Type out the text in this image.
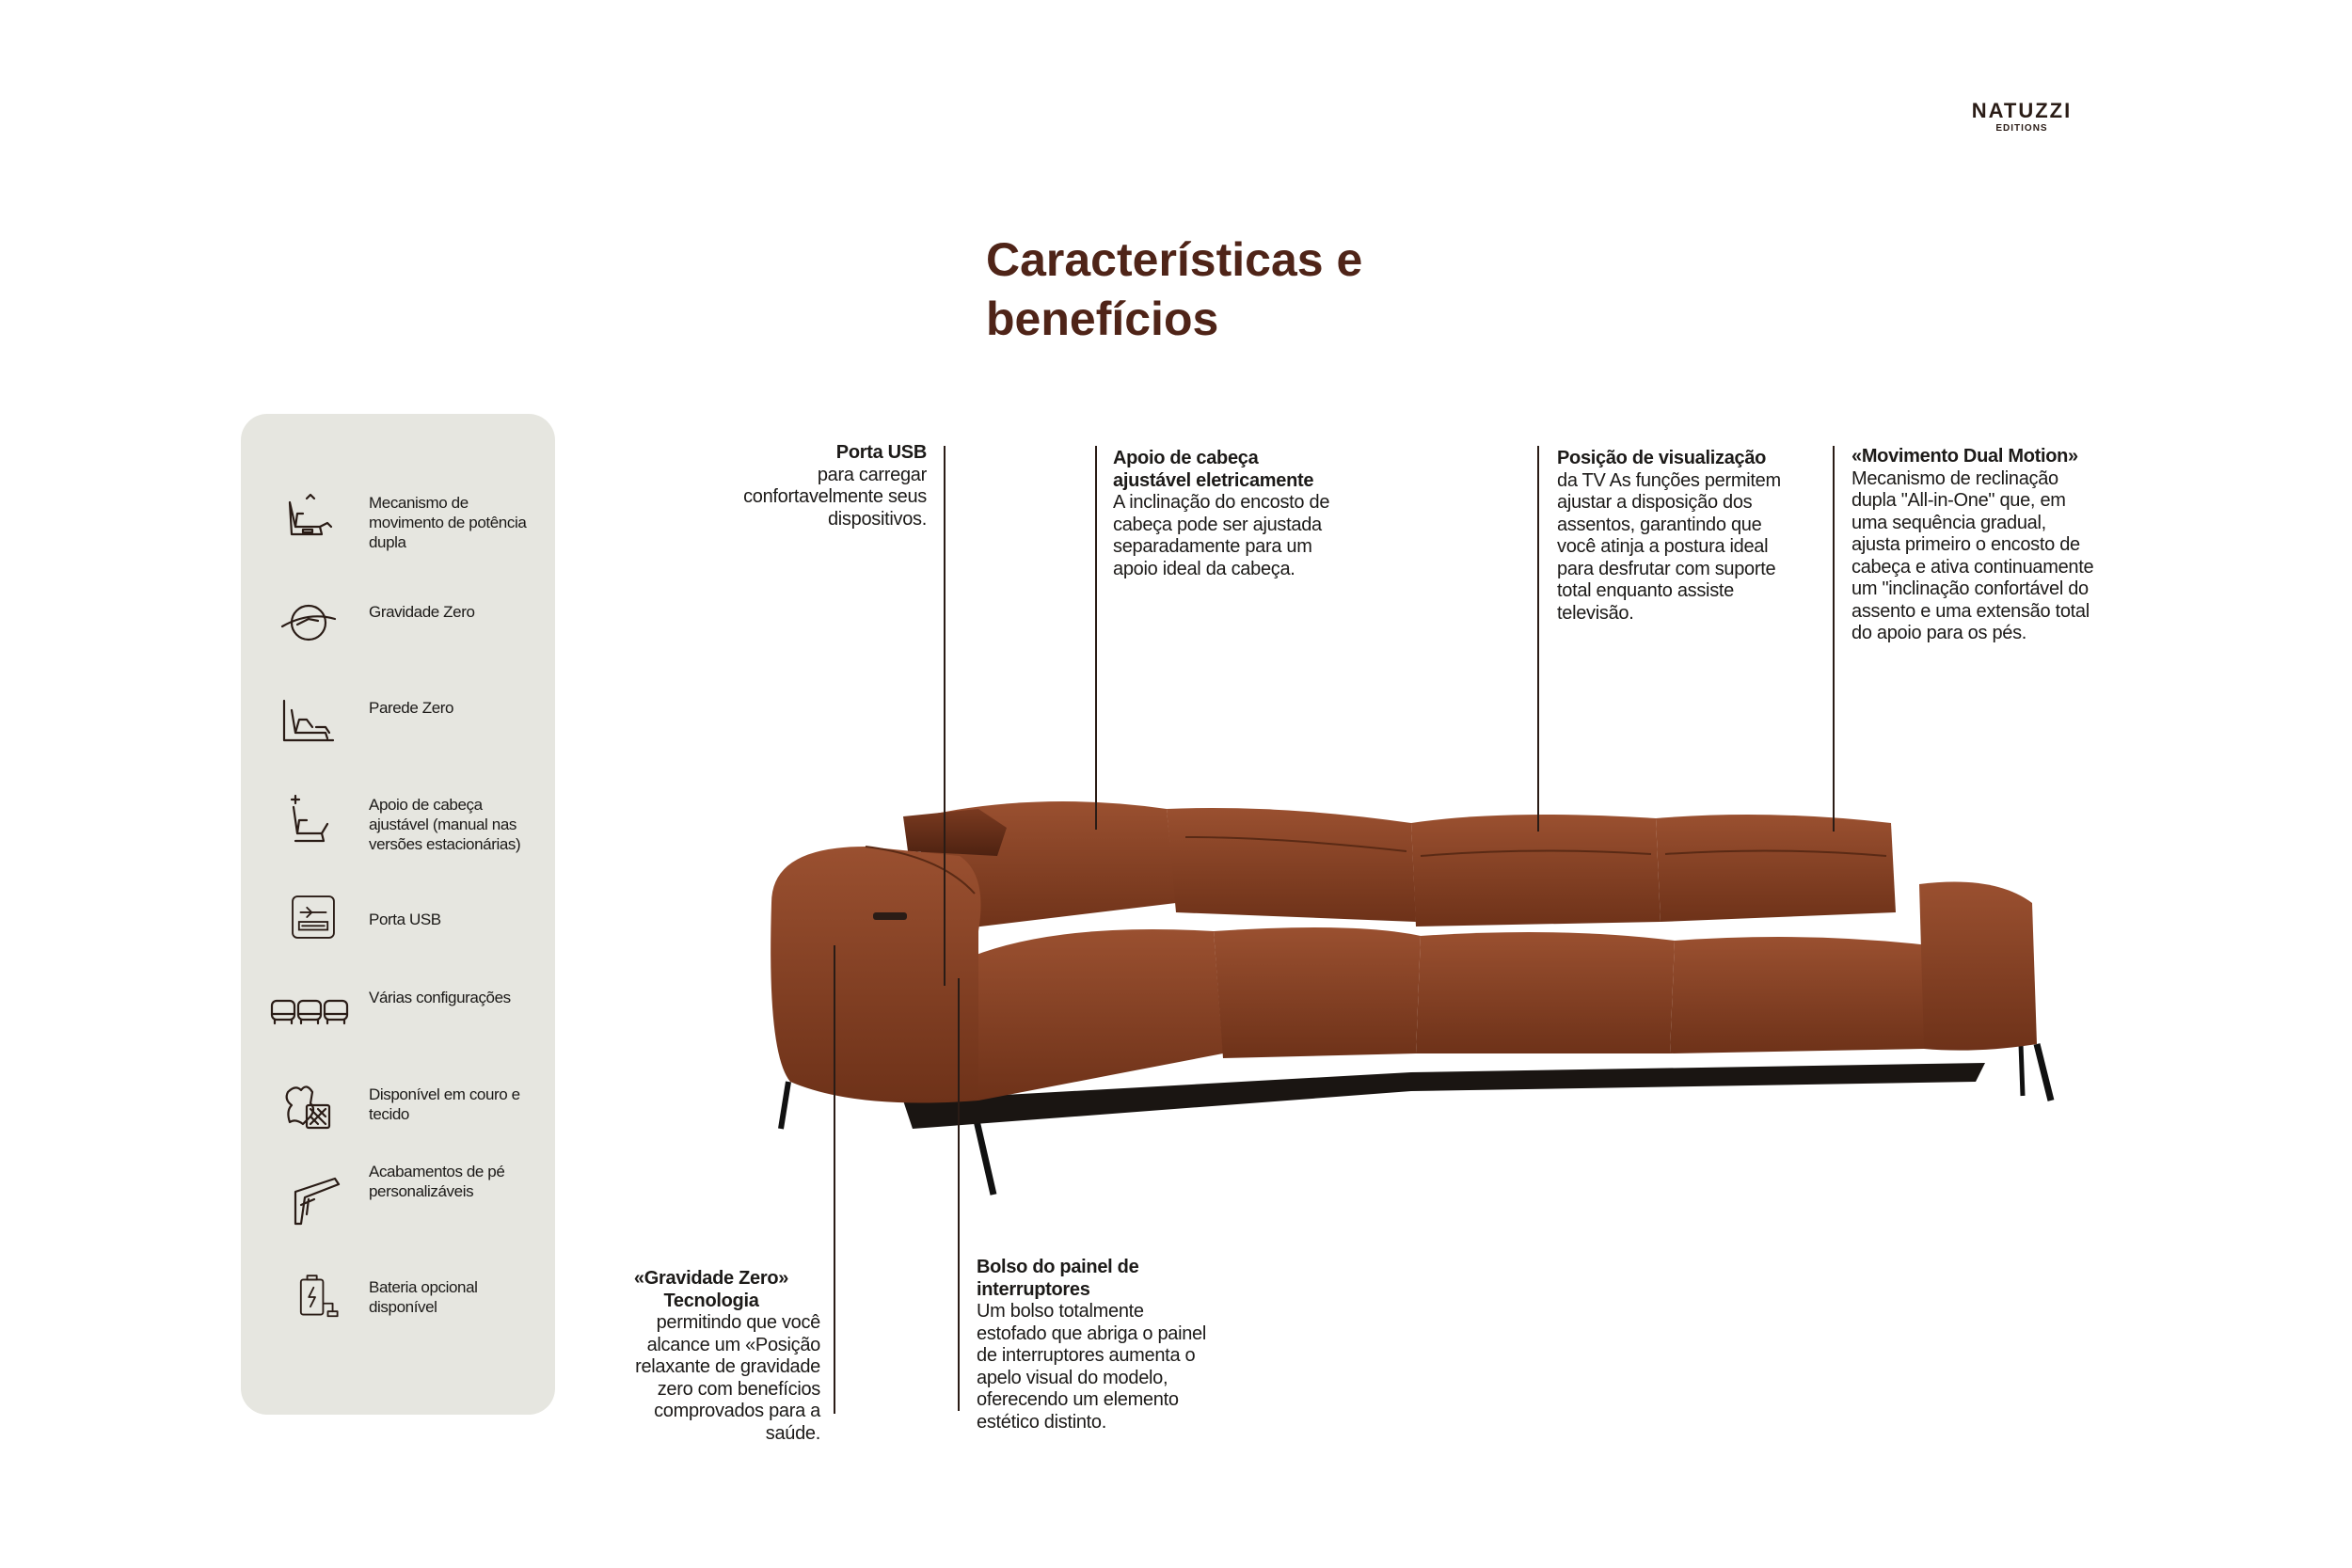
NATUZZI
EDITIONS
Características e benefícios
Mecanismo de movimento de potência dupla
Gravidade Zero
Parede Zero
Apoio de cabeça ajustável (manual nas versões estacionárias)
Porta USB
Várias configurações
Disponível em couro e tecido
Acabamentos de pé personalizáveis
Bateria opcional disponível
Porta USB
para carregar confortavelmente seus dispositivos.
Apoio de cabeça ajustável eletricamente
A inclinação do encosto de cabeça pode ser ajustada separadamente para um apoio ideal da cabeça.
Posição de visualização
da TV As funções permitem ajustar a disposição dos assentos, garantindo que você atinja a postura ideal para desfrutar com suporte total enquanto assiste televisão.
«Movimento Dual Motion»
Mecanismo de reclinação dupla "All-in-One" que, em uma sequência gradual, ajusta primeiro o encosto de cabeça e ativa continuamente um "inclinação confortável do assento e uma extensão total do apoio para os pés.
«Gravidade Zero» Tecnologia
permitindo que você alcance um «Posição relaxante de gravidade zero com benefícios comprovados para a saúde.
Bolso do painel de interruptores
Um bolso totalmente estofado que abriga o painel de interruptores aumenta o apelo visual do modelo, oferecendo um elemento estético distinto.
